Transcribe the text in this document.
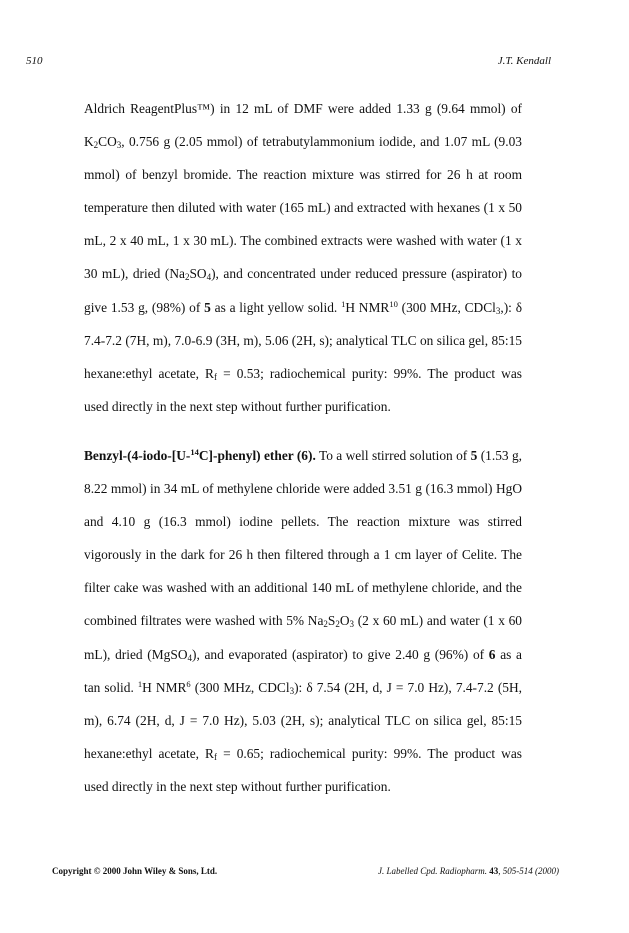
510	J.T. Kendall

Aldrich ReagentPlus™) in 12 mL of DMF were added 1.33 g (9.64 mmol) of $K_2CO_3$, 0.756 g (2.05 mmol) of tetrabutylammonium iodide, and 1.07 mL (9.03 mmol) of benzyl bromide. The reaction mixture was stirred for 26 h at room temperature then diluted with water (165 mL) and extracted with hexanes (1 x 50 mL, 2 x 40 mL, 1 x 30 mL). The combined extracts were washed with water (1 x 30 mL), dried $(Na_2SO_4)$, and concentrated under reduced pressure (aspirator) to give 1.53 g, (98%) of 5 as a light yellow solid. $^1$H NMR$^{10}$ (300 MHz, CDCl$_3$,): δ 7.4-7.2 (7H, m), 7.0-6.9 (3H, m), 5.06 (2H, s); analytical TLC on silica gel, 85:15 hexane:ethyl acetate, $R_f = 0.53$; radiochemical purity: 99%. The product was used directly in the next step without further purification.

Benzyl-(4-iodo-[U-$^{14}$C]-phenyl) ether (6). To a well stirred solution of 5 (1.53 g, 8.22 mmol) in 34 mL of methylene chloride were added 3.51 g (16.3 mmol) HgO and 4.10 g (16.3 mmol) iodine pellets. The reaction mixture was stirred vigorously in the dark for 26 h then filtered through a 1 cm layer of Celite. The filter cake was washed with an additional 140 mL of methylene chloride, and the combined filtrates were washed with 5% $Na_2S_2O_3$ (2 x 60 mL) and water (1 x 60 mL), dried (MgSO$_4$), and evaporated (aspirator) to give 2.40 g (96%) of 6 as a tan solid. $^1$H NMR$^6$ (300 MHz, CDCl$_3$): δ 7.54 (2H, d, J = 7.0 Hz), 7.4-7.2 (5H, m), 6.74 (2H, d, J = 7.0 Hz), 5.03 (2H, s); analytical TLC on silica gel, 85:15 hexane:ethyl acetate, $R_f = 0.65$; radiochemical purity: 99%. The product was used directly in the next step without further purification.

Copyright © 2000 John Wiley & Sons, Ltd.	J. Labelled Cpd. Radiopharm. 43, 505-514 (2000)
